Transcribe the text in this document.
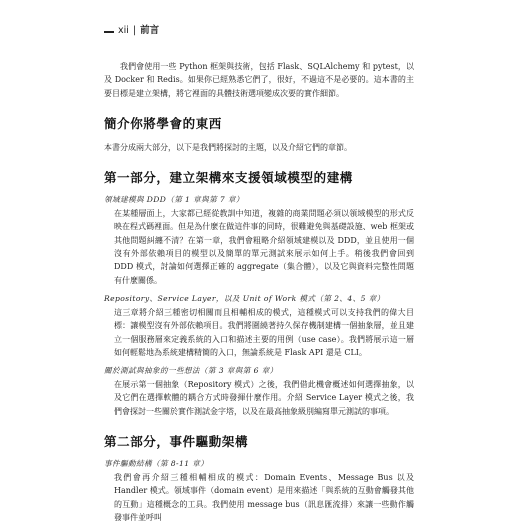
xii | 前言

我們會使用一些 Python 框架與技術，包括 Flask、SQLAlchemy 和 pytest，以及 Docker 和 Redis。如果你已經熟悉它們了，很好，不過這不是必要的。這本書的主要目標是建立架構，將它裡面的具體技術選項變成次要的實作細節。

簡介你將學會的東西

本書分成兩大部分，以下是我們將探討的主題，以及介紹它們的章節。

第一部分，建立架構來支援領域模型的建構
領域建模與 DDD（第 1 章與第 7 章）

在某種層面上，大家都已經從教訓中知道，複雜的商業問題必須以領域模型的形式反映在程式碼裡面。但是為什麼在做這件事的同時，很難避免與基礎設施、web 框架或其他問題糾纏不清？在第一章，我們會粗略介紹領域建模以及 DDD，並且使用一個沒有外部依賴項目的模型以及簡單的單元測試來展示如何上手。稍後我們會回到 DDD 模式，討論如何選擇正確的 aggregate（集合體），以及它與資料完整性問題有什麼關係。

Repository、Service Layer，以及 Unit of Work 模式（第 2、4、5 章）

這三章將介紹三種密切相關而且相輔相成的模式，這種模式可以支持我們的偉大目標：讓模型沒有外部依賴項目。我們將圍繞著持久保存機制建構一個抽象層，並且建立一個服務層來定義系統的入口和描述主要的用例（use case）。我們將展示這一層如何輕鬆地為系統建構精簡的入口，無論系統是 Flask API 還是 CLI。

關於測試與抽象的一些想法（第 3 章與第 6 章）

在展示第一個抽象（Repository 模式）之後，我們借此機會概述如何選擇抽象，以及它們在選擇軟體的耦合方式時發揮什麼作用。介紹 Service Layer 模式之後，我們會探討一些關於實作測試金字塔，以及在最高抽象級別編寫單元測試的事項。

第二部分，事件驅動架構
事件驅動結構（第 8-11 章）

我們會再介紹三種相輔相成的模式：Domain Events、Message Bus 以及 Handler 模式。領域事件（domain event）是用來描述「與系統的互動會觸發其他的互動」這種概念的工具。我們使用 message bus（訊息匯流排）來讓一些動作觸發事件並呼叫
